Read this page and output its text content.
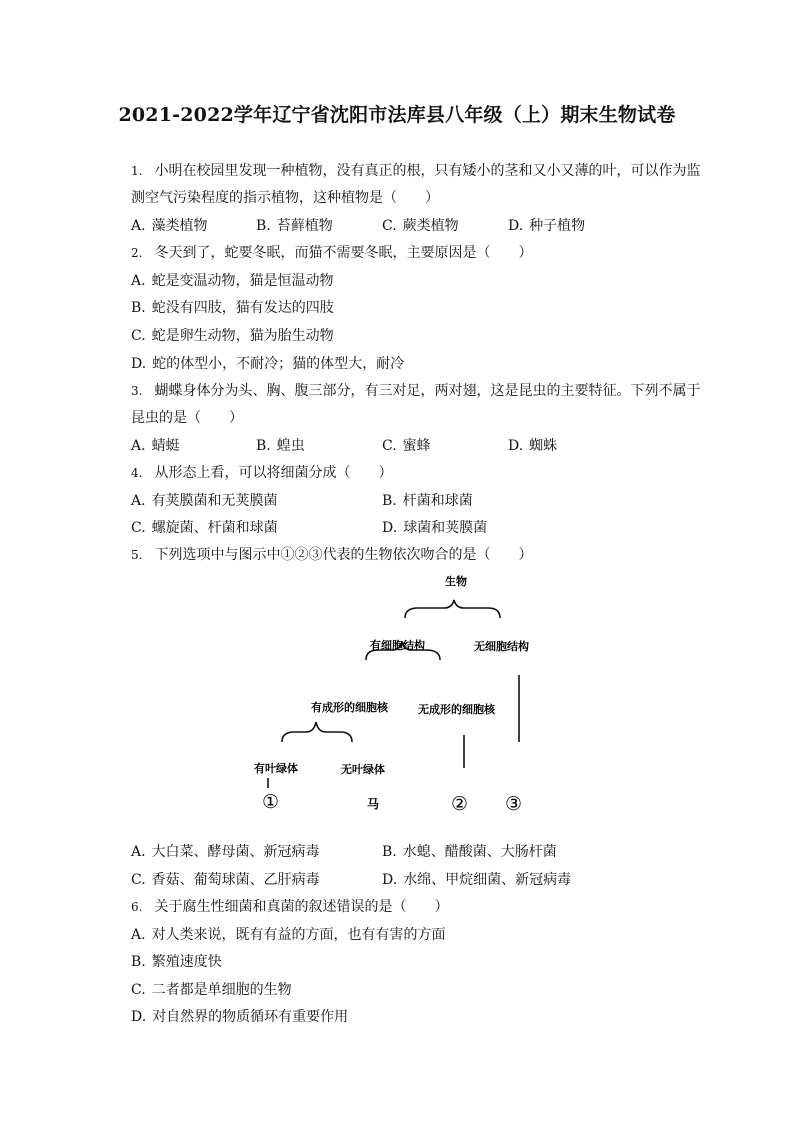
2021-2022学年辽宁省沈阳市法库县八年级（上）期末生物试卷
1. 小明在校园里发现一种植物，没有真正的根，只有矮小的茎和又小又薄的叶，可以作为监
测空气污染程度的指示植物，这种植物是（　　）
A. 藻类植物	B. 苔藓植物	C. 蕨类植物	D. 种子植物
2. 冬天到了，蛇要冬眠，而猫不需要冬眠，主要原因是（　　）
A. 蛇是变温动物，猫是恒温动物
B. 蛇没有四肢，猫有发达的四肢
C. 蛇是卵生动物，猫为胎生动物
D. 蛇的体型小，不耐冷；猫的体型大，耐冷
3. 蝴蝶身体分为头、胸、腹三部分，有三对足，两对翅，这是昆虫的主要特征。下列不属于
昆虫的是（　　）
A. 蜻蜓	B. 蝗虫	C. 蜜蜂	D. 蜘蛛
4. 从形态上看，可以将细菌分成（　　）
A. 有荚膜菌和无荚膜菌	B. 杆菌和球菌
C. 螺旋菌、杆菌和球菌	D. 球菌和荚膜菌
5. 下列选项中与图示中①②③代表的生物依次吻合的是（　　）
生物
有细胞结构	无细胞结构
有成形的细胞核	无成形的细胞核
有叶绿体	无叶绿体
①	马	② ③
A. 大白菜、酵母菌、新冠病毒	B. 水螅、醋酸菌、大肠杆菌
C. 香菇、葡萄球菌、乙肝病毒	D. 水绵、甲烷细菌、新冠病毒
6. 关于腐生性细菌和真菌的叙述错误的是（　　）
A. 对人类来说，既有有益的方面，也有有害的方面
B. 繁殖速度快
C. 二者都是单细胞的生物
D. 对自然界的物质循环有重要作用
